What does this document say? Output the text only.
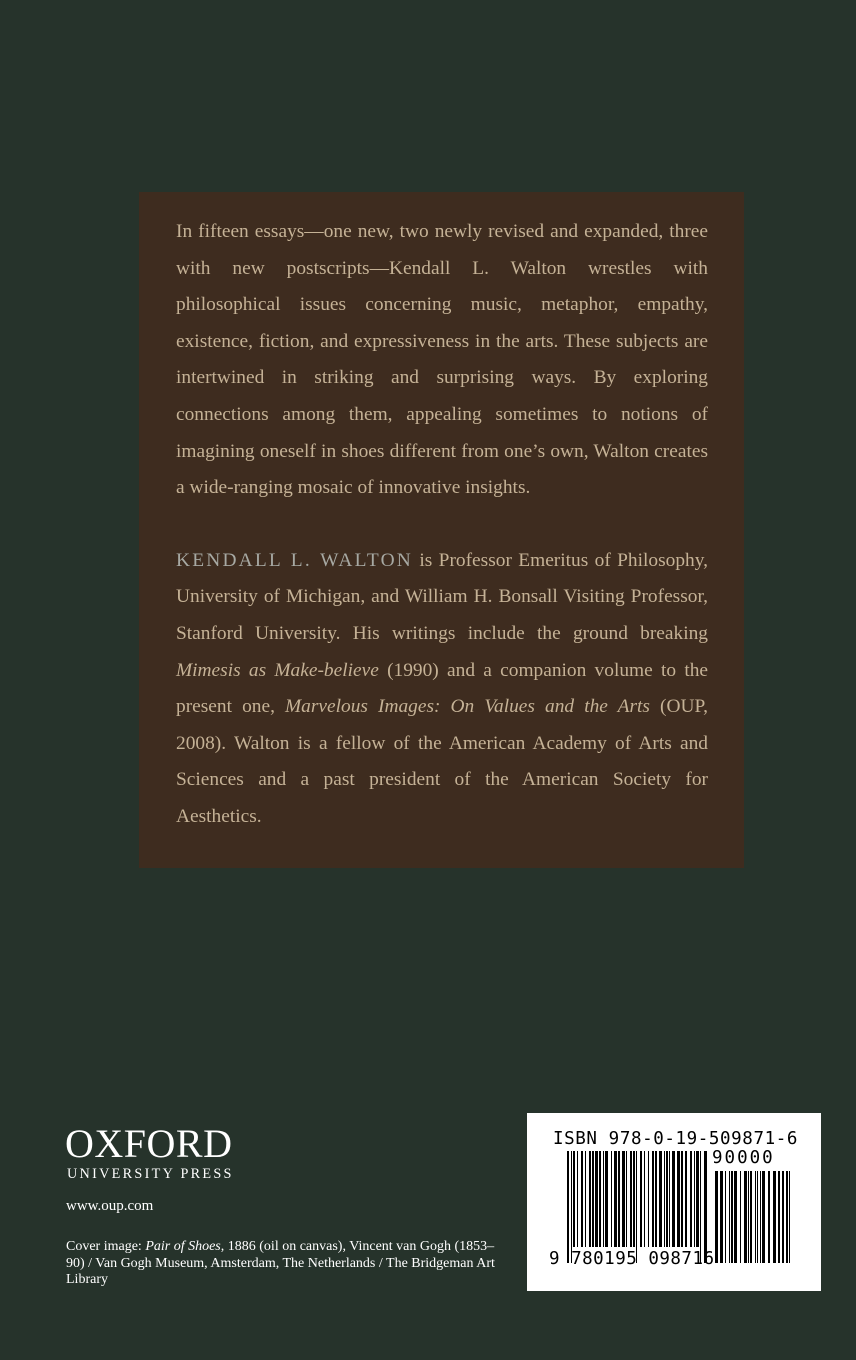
In fifteen essays—one new, two newly revised and expanded, three with new postscripts—Kendall L. Walton wrestles with philosophical issues concerning music, metaphor, empathy, existence, fiction, and expressiveness in the arts. These subjects are intertwined in striking and surprising ways. By exploring connections among them, appealing sometimes to notions of imagining oneself in shoes different from one’s own, Walton creates a wide-ranging mosaic of innovative insights.

KENDALL L. WALTON is Professor Emeritus of Philosophy, University of Michigan, and William H. Bonsall Visiting Professor, Stanford University. His writings include the ground breaking Mimesis as Make-believe (1990) and a companion volume to the present one, Marvelous Images: On Values and the Arts (OUP, 2008). Walton is a fellow of the American Academy of Arts and Sciences and a past president of the American Society for Aesthetics.

OXFORD
UNIVERSITY PRESS
www.oup.com
Cover image: Pair of Shoes, 1886 (oil on canvas), Vincent van Gogh (1853–90) / Van Gogh Museum, Amsterdam, The Netherlands / The Bridgeman Art Library
ISBN 978-0-19-509871-6
90000
9 780195 098716
